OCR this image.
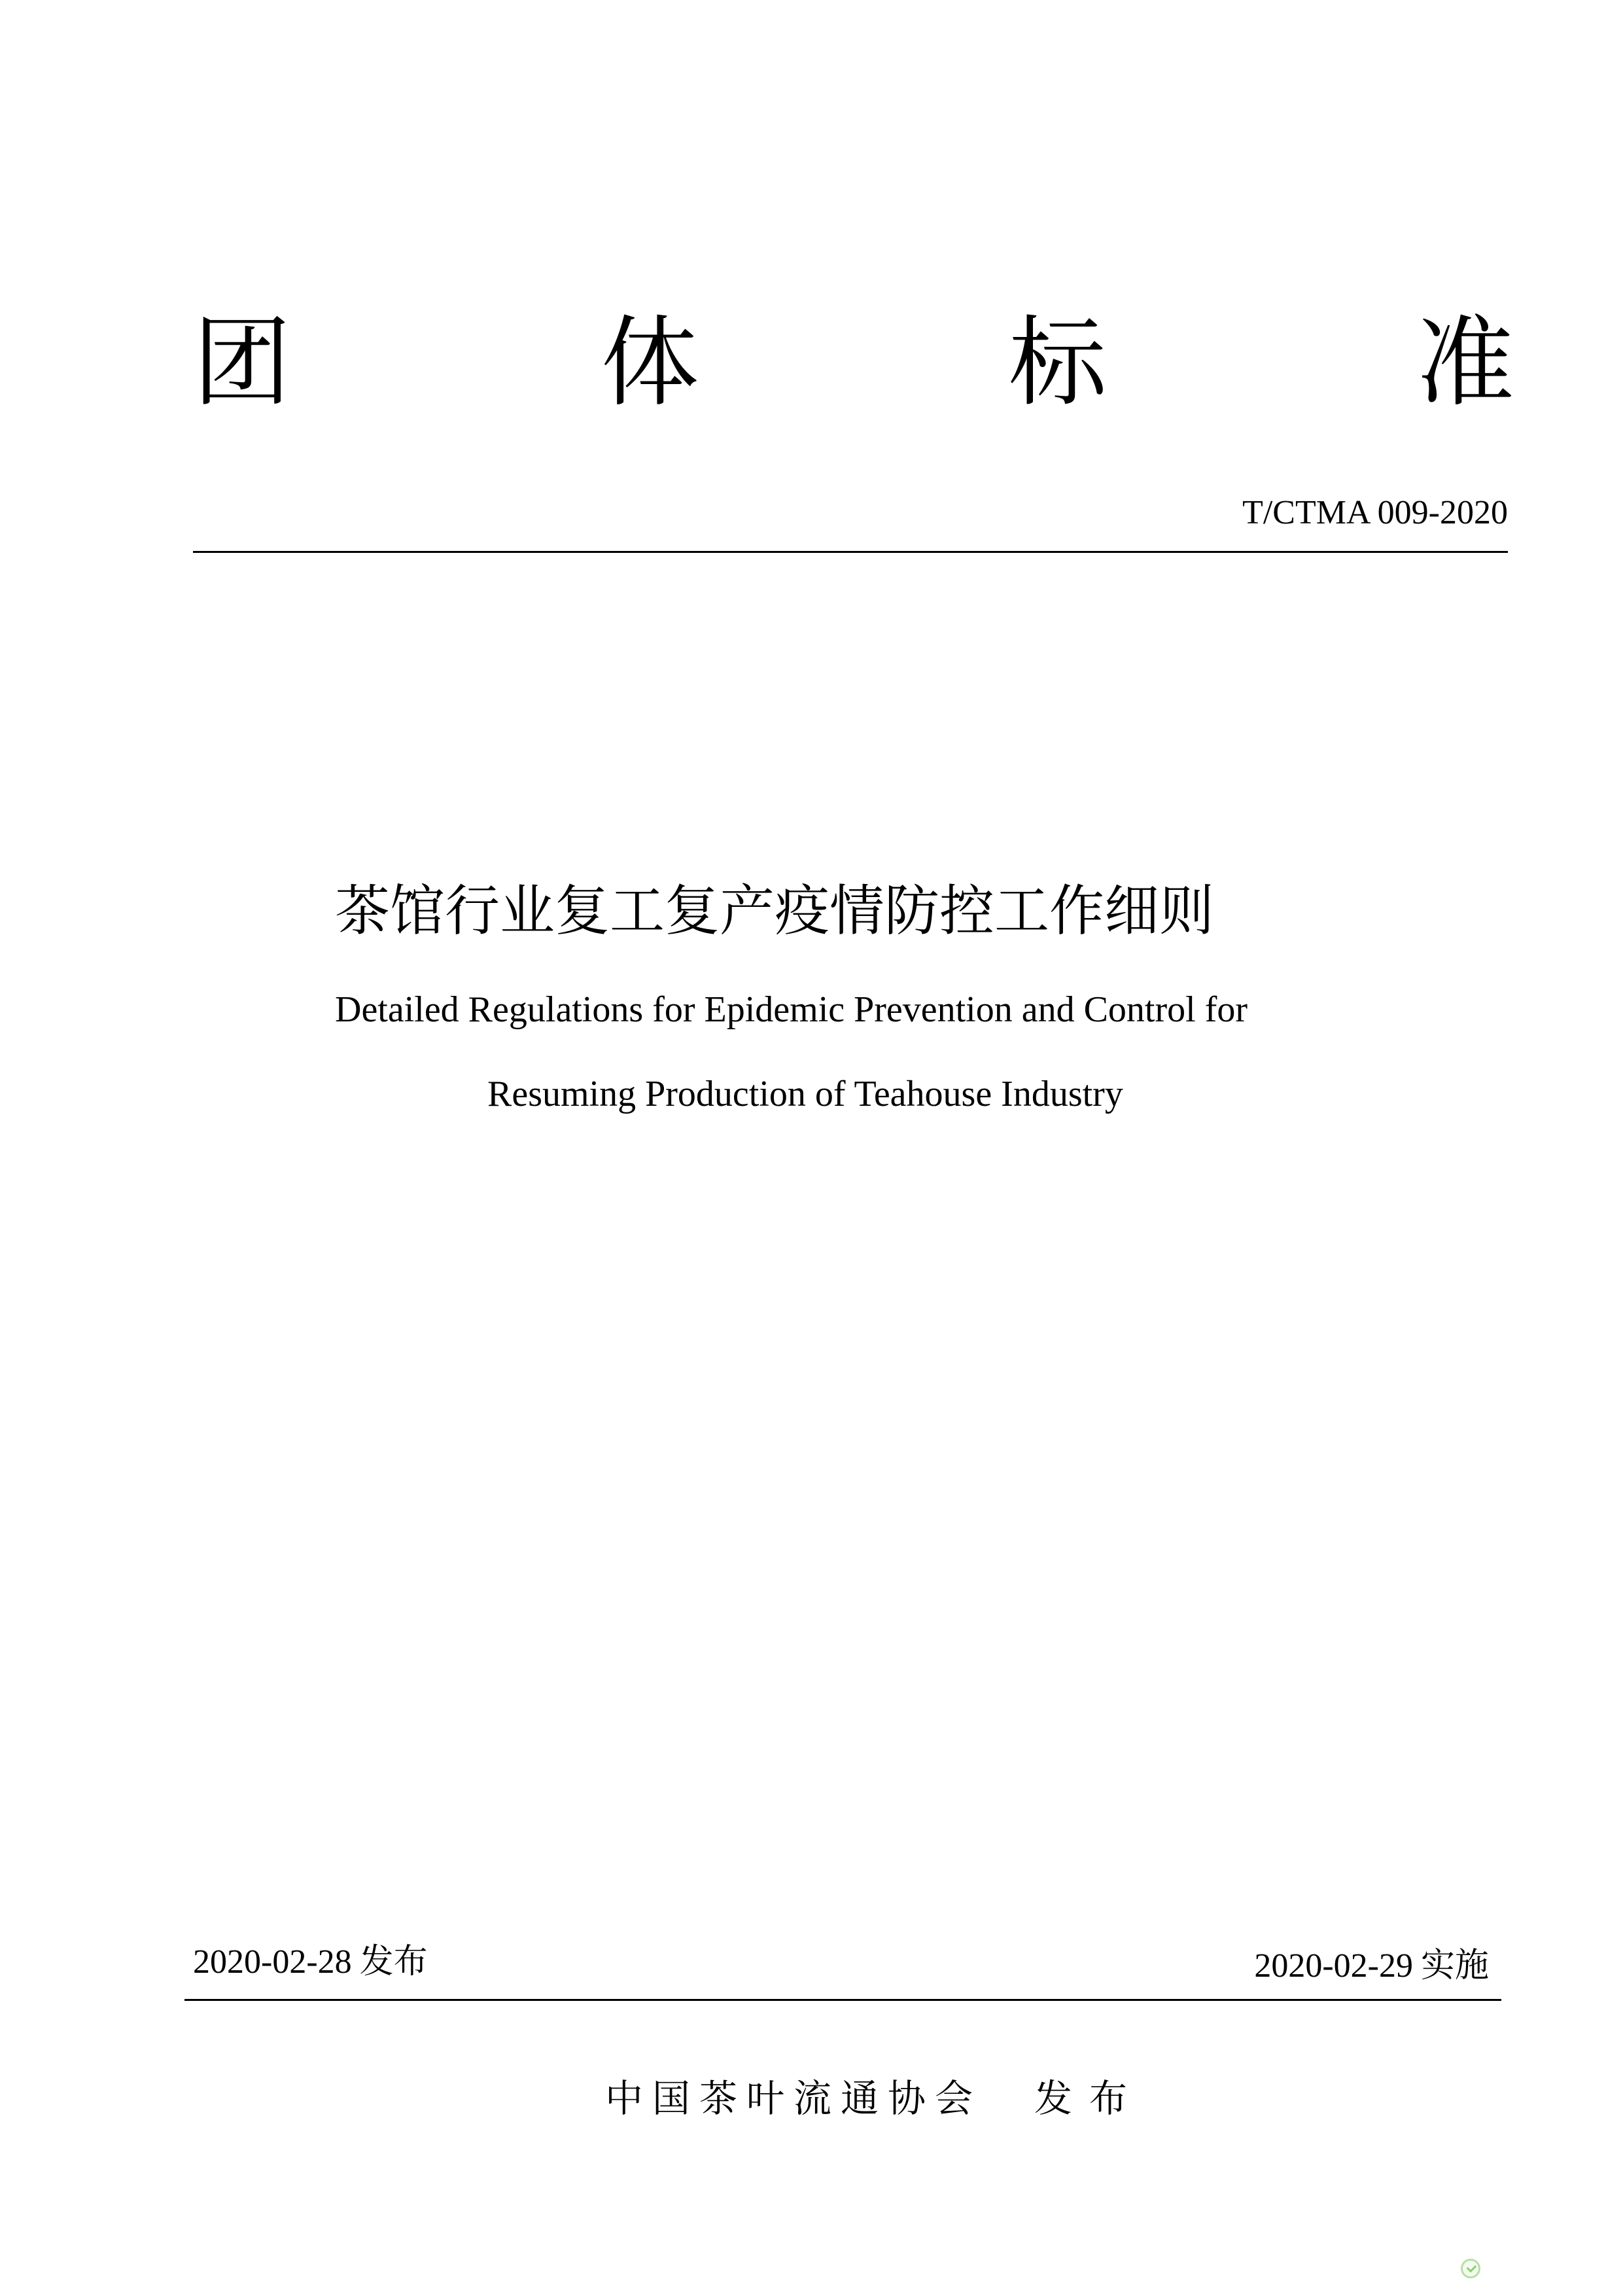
团	体	标	准
T/CTMA 009-2020
茶馆行业复工复产疫情防控工作细则
Detailed Regulations for Epidemic Prevention and Control for
Resuming Production of Teahouse Industry
2020-02-28 发布	2020-02-29 实施
中国茶叶流通协会 发布
